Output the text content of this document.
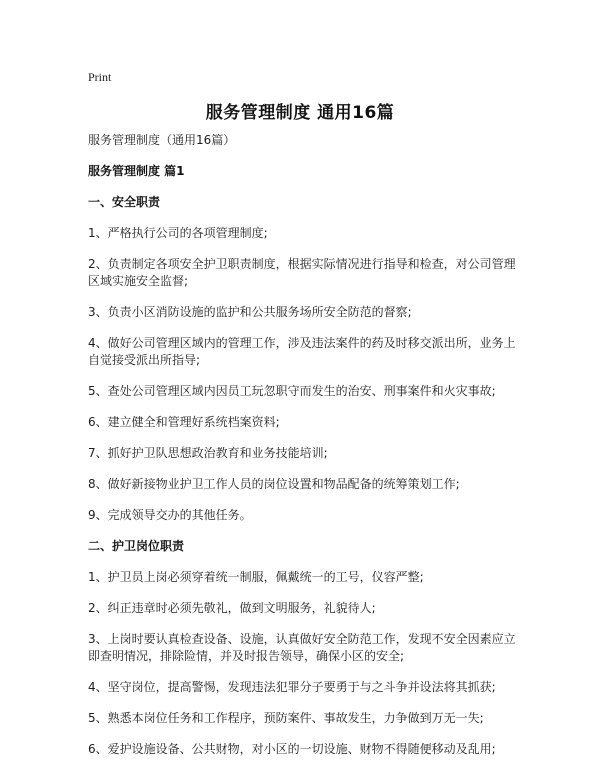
Print
服务管理制度 通用16篇
服务管理制度（通用16篇）
服务管理制度 篇1
一、安全职责
1、严格执行公司的各项管理制度;
2、负责制定各项安全护卫职责制度，根据实际情况进行指导和检查，对公司管理区域实施安全监督;
3、负责小区消防设施的监护和公共服务场所安全防范的督察;
4、做好公司管理区域内的管理工作，涉及违法案件的药及时移交派出所，业务上自觉接受派出所指导;
5、查处公司管理区域内因员工玩忽职守而发生的治安、刑事案件和火灾事故;
6、建立健全和管理好系统档案资料;
7、抓好护卫队思想政治教育和业务技能培训;
8、做好新接物业护卫工作人员的岗位设置和物品配备的统筹策划工作;
9、完成领导交办的其他任务。
二、护卫岗位职责
1、护卫员上岗必须穿着统一制服，佩戴统一的工号，仪容严整;
2、纠正违章时必须先敬礼，做到文明服务，礼貌待人;
3、上岗时要认真检查设备、设施，认真做好安全防范工作，发现不安全因素应立即查明情况，排除险情，并及时报告领导，确保小区的安全;
4、坚守岗位，提高警惕，发现违法犯罪分子要勇于与之斗争并设法将其抓获;
5、熟悉本岗位任务和工作程序，预防案件、事故发生，力争做到万无一失;
6、爱护设施设备、公共财物，对小区的一切设施、财物不得随便移动及乱用;
